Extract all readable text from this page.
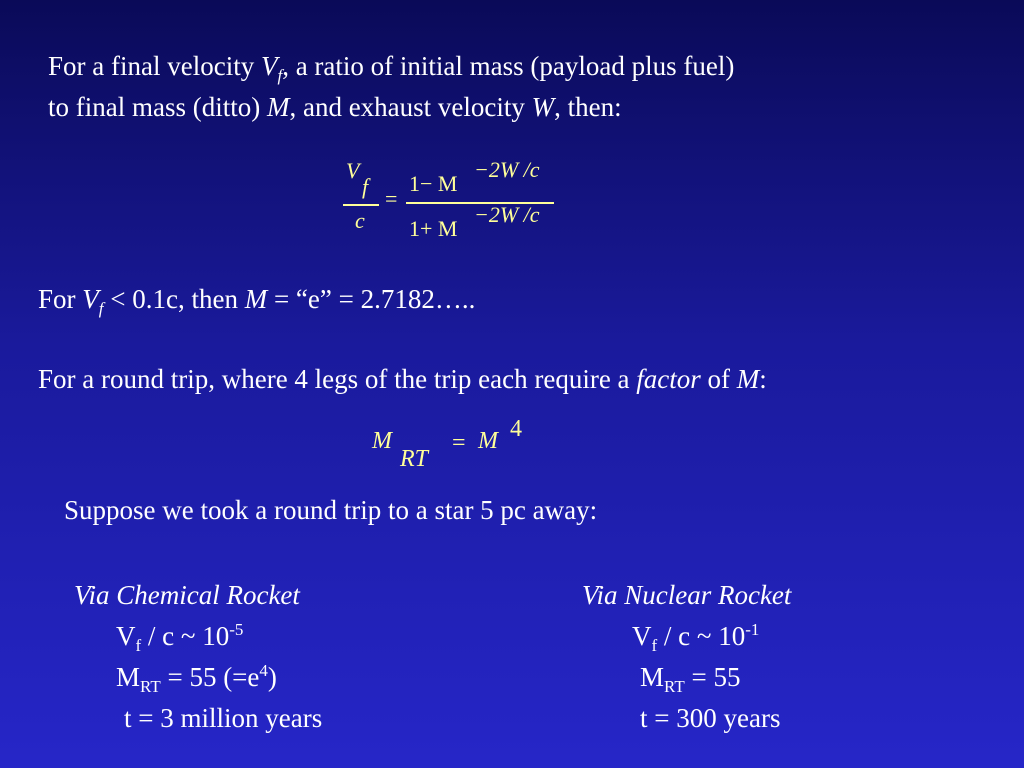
For a final velocity $V_f$, a ratio of initial mass (payload plus fuel)
to final mass (ditto) M, and exhaust velocity W, then:
V
f
c
=
1− M
−2W /c
1+ M
−2W /c
For $V_f < 0.1c$, then M = “e” = 2.7182…..
For a round trip, where 4 legs of the trip each require a factor of M:
M
RT
= M 4
Suppose we took a round trip to a star 5 pc away:
Via Chemical Rocket
$V_f$ / c ~ $10^{-5}$
$M_{RT} = 55$ $(=e^4)$
t = 3 million years
Via Nuclear Rocket
$V_f$ / c ~ $10^{-1}$
$M_{RT} = 55$
t = 300 years
